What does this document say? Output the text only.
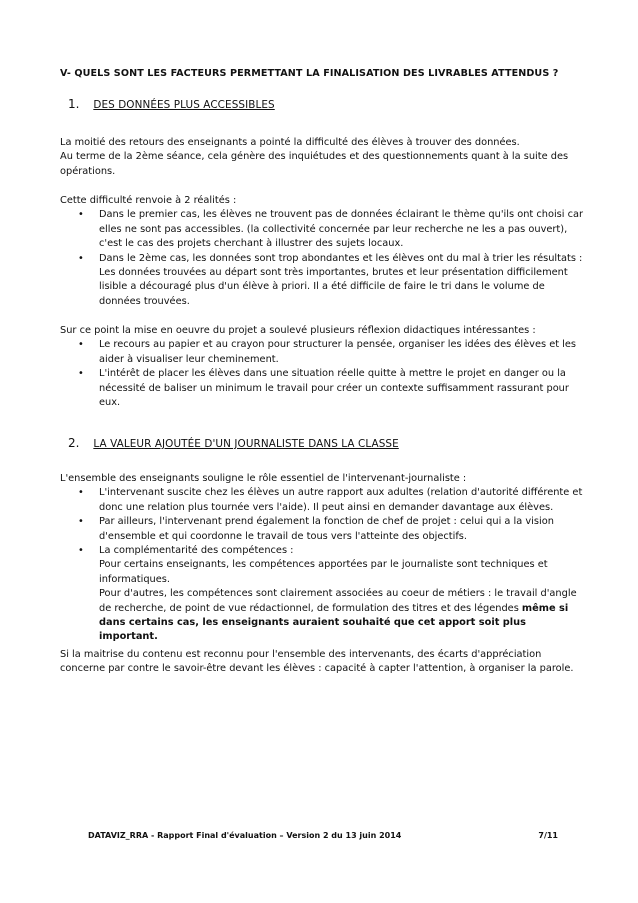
V- QUELS SONT LES FACTEURS PERMETTANT LA FINALISATION DES LIVRABLES ATTENDUS ?
1. DES DONNÉES PLUS ACCESSIBLES

La moitié des retours des enseignants a pointé la difficulté des élèves à trouver des données.

Au terme de la 2ème séance, cela génère des inquiétudes et des questionnements quant à la suite des opérations.

Cette difficulté renvoie à 2 réalités :

• Dans le premier cas, les élèves ne trouvent pas de données éclairant le thème qu'ils ont choisi car elles ne sont pas accessibles. (la collectivité concernée par leur recherche ne les a pas ouvert), c'est le cas des projets cherchant à illustrer des sujets locaux.
• Dans le 2ème cas, les données sont trop abondantes et les élèves ont du mal à trier les résultats : Les données trouvées au départ sont très importantes, brutes et leur présentation difficilement lisible a découragé plus d'un élève à priori. Il a été difficile de faire le tri dans le volume de données trouvées.

Sur ce point la mise en oeuvre du projet a soulevé plusieurs réflexion didactiques intéressantes :

• Le recours au papier et au crayon pour structurer la pensée, organiser les idées des élèves et les aider à visualiser leur cheminement.
• L'intérêt de placer les élèves dans une situation réelle quitte à mettre le projet en danger ou la nécessité de baliser un minimum le travail pour créer un contexte suffisamment rassurant pour eux.
2. LA VALEUR AJOUTÉE D'UN JOURNALISTE DANS LA CLASSE

L'ensemble des enseignants souligne le rôle essentiel de l'intervenant-journaliste :

• L'intervenant suscite chez les élèves un autre rapport aux adultes (relation d'autorité différente et donc une relation plus tournée vers l'aide). Il peut ainsi en demander davantage aux élèves.
• Par ailleurs, l'intervenant prend également la fonction de chef de projet : celui qui a la vision d'ensemble et qui coordonne le travail de tous vers l'atteinte des objectifs.
• La complémentarité des compétences :
Pour certains enseignants, les compétences apportées par le journaliste sont techniques et informatiques.
Pour d'autres, les compétences sont clairement associées au coeur de métiers : le travail d'angle de recherche, de point de vue rédactionnel, de formulation des titres et des légendes même si dans certains cas, les enseignants auraient souhaité que cet apport soit plus important.

Si la maitrise du contenu est reconnu pour l'ensemble des intervenants, des écarts d'appréciation concerne par contre le savoir-être devant les élèves : capacité à capter l'attention, à organiser la parole.

DATAVIZ_RRA - Rapport Final d'évaluation – Version 2 du 13 juin 2014	7/11
